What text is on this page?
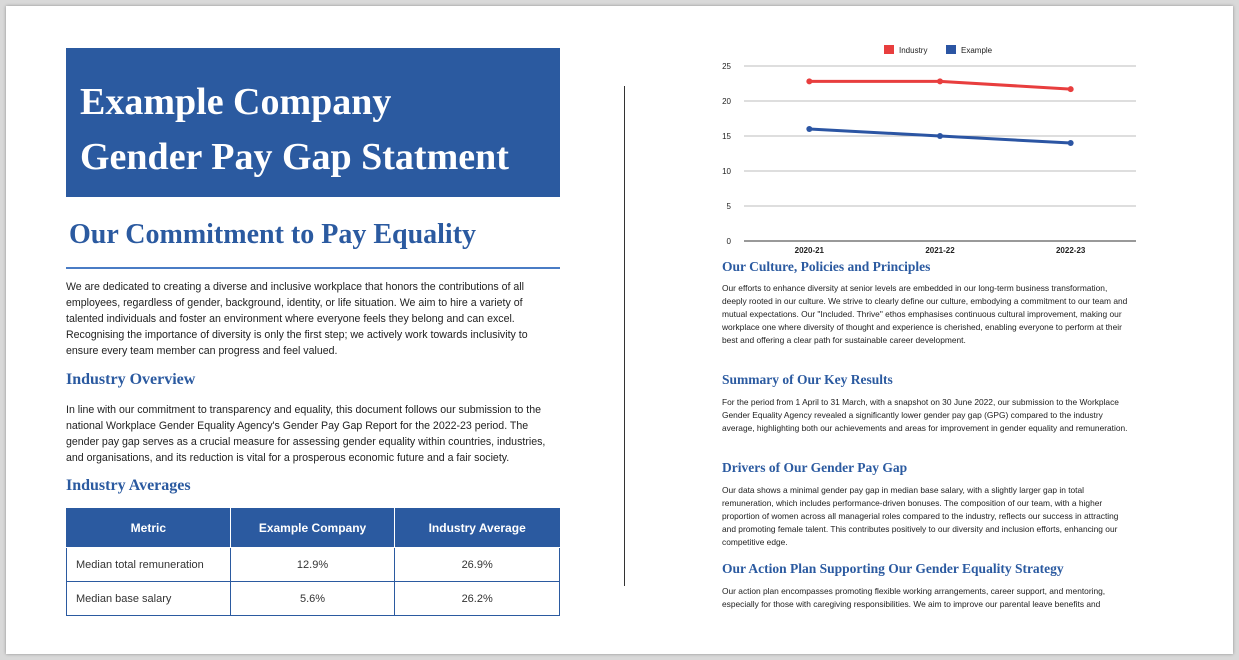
Example Company
Gender Pay Gap Statment
Our Commitment to Pay Equality
We are dedicated to creating a diverse and inclusive workplace that honors the contributions of all employees, regardless of gender, background, identity, or life situation. We aim to hire a variety of talented individuals and foster an environment where everyone feels they belong and can excel. Recognising the importance of diversity is only the first step; we actively work towards inclusivity to ensure every team member can progress and feel valued.
Industry Overview
In line with our commitment to transparency and equality, this document follows our submission to the national Workplace Gender Equality Agency's Gender Pay Gap Report for the 2022-23 period. The gender pay gap serves as a crucial measure for assessing gender equality within countries, industries, and organisations, and its reduction is vital for a prosperous economic future and a fair society.
Industry Averages
Metric	Example Company	Industry Average
Median total remuneration	12.9%	26.9%
Median base salary	5.6%	26.2%
0
5
10
15
20
25
2020-21	2021-22	2022-23
Industry	Example
Our Culture, Policies and Principles
Our efforts to enhance diversity at senior levels are embedded in our long-term business transformation, deeply rooted in our culture. We strive to clearly define our culture, embodying a commitment to our team and mutual expectations. Our "Included. Thrive" ethos emphasises continuous cultural improvement, making our workplace one where diversity of thought and experience is cherished, enabling everyone to perform at their best and offering a clear path for sustainable career development.
Summary of Our Key Results
For the period from 1 April to 31 March, with a snapshot on 30 June 2022, our submission to the Workplace Gender Equality Agency revealed a significantly lower gender pay gap (GPG) compared to the industry average, highlighting both our achievements and areas for improvement in gender equality and remuneration.
Drivers of Our Gender Pay Gap
Our data shows a minimal gender pay gap in median base salary, with a slightly larger gap in total remuneration, which includes performance-driven bonuses. The composition of our team, with a higher proportion of women across all managerial roles compared to the industry, reflects our success in attracting and promoting female talent. This contributes positively to our diversity and inclusion efforts, enhancing our competitive edge.
Our Action Plan Supporting Our Gender Equality Strategy
Our action plan encompasses promoting flexible working arrangements, career support, and mentoring, especially for those with caregiving responsibilities. We aim to improve our parental leave benefits and
